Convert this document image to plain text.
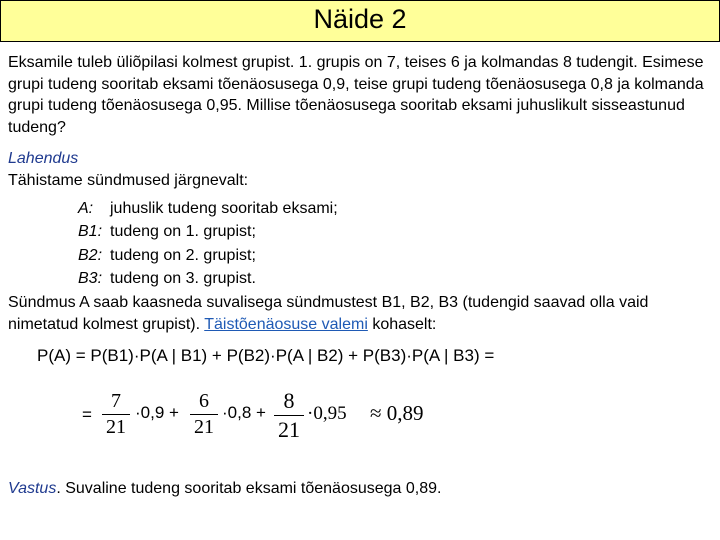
Näide 2
Eksamile tuleb üliõpilasi kolmest grupist. 1. grupis on 7, teises 6 ja kolmandas 8 tudengit. Esimese grupi tudeng sooritab eksami tõenäosusega 0,9, teise grupi tudeng tõenäosusega 0,8 ja kolmanda grupi tudeng tõenäosusega 0,95. Millise tõenäosusega sooritab eksami juhuslikult sisseastunud tudeng?
Lahendus
Tähistame sündmused järgnevalt:
A: juhuslik tudeng sooritab eksami;
B1: tudeng on 1. grupist;
B2: tudeng on 2. grupist;
B3: tudeng on 3. grupist.
Sündmus A saab kaasneda suvalisega sündmustest B1, B2, B3 (tudengid saavad olla vaid nimetatud kolmest grupist). Täistõenäosuse valemi kohaselt:
P(A) = P(B1)·P(A | B1) + P(B2)·P(A | B2) + P(B3)·P(A | B3) =
=
7
21
·0,9 +
6
21
·0,8 + 8
21
·0,95 ≈ 0,89
Vastus. Suvaline tudeng sooritab eksami tõenäosusega 0,89.
